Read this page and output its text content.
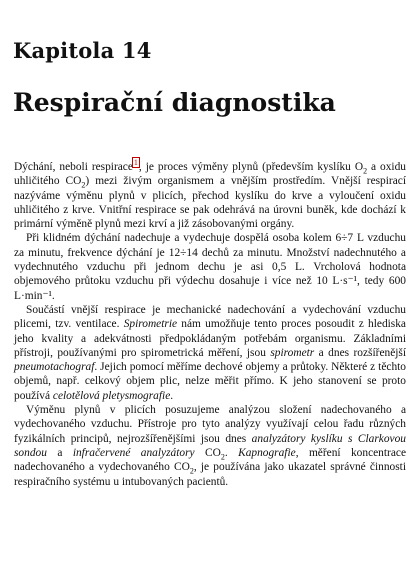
Kapitola 14
Respirační diagnostika

Dýchání, neboli respirace$^1$, je proces výměny plynů (především kyslíku $O_2$ a oxidu uhličitého $CO_2$) mezi živým organismem a vnějším prostředím. Vnější respirací nazýváme výměnu plynů v plicích, přechod kyslíku do krve a vyloučení oxidu uhličitého z krve. Vnitřní respirace se pak odehrává na úrovni buněk, kde dochází k primární výměně plynů mezi krví a již zásobovanými orgány.

Při klidném dýchání nadechuje a vydechuje dospělá osoba kolem 6÷7 L vzduchu za minutu, frekvence dýchání je 12÷14 dechů za minutu. Množství nadechnutého a vydechnutého vzduchu při jednom dechu je asi 0,5 L. Vrcholová hodnota objemového průtoku vzduchu při výdechu dosahuje i více než 10 L·s⁻¹, tedy 600 L·min⁻¹.

Součástí vnější respirace je mechanické nadechování a vydechování vzduchu plicemi, tzv. ventilace. Spirometrie nám umožňuje tento proces posoudit z hlediska jeho kvality a adekvátnosti předpokládaným potřebám organismu. Základními přístroji, používanými pro spirometrická měření, jsou spirometr a dnes rozšířenější pneumotachograf. Jejich pomocí měříme dechové objemy a průtoky. Některé z těchto objemů, např. celkový objem plic, nelze měřit přímo. K jeho stanovení se proto používá celotělová pletysmografie.

Výměnu plynů v plicích posuzujeme analýzou složení nadechovaného a vydechovaného vzduchu. Přístroje pro tyto analýzy využívají celou řadu různých fyzikálních principů, nejrozšířenějšími jsou dnes analyzátory kyslíku s Clarkovou sondou a infračervené analyzátory $CO_2$. Kapnografie, měření koncentrace nadechovaného a vydechovaného $CO_2$, je používána jako ukazatel správné činnosti respiračního systému u intubovaných pacientů.
